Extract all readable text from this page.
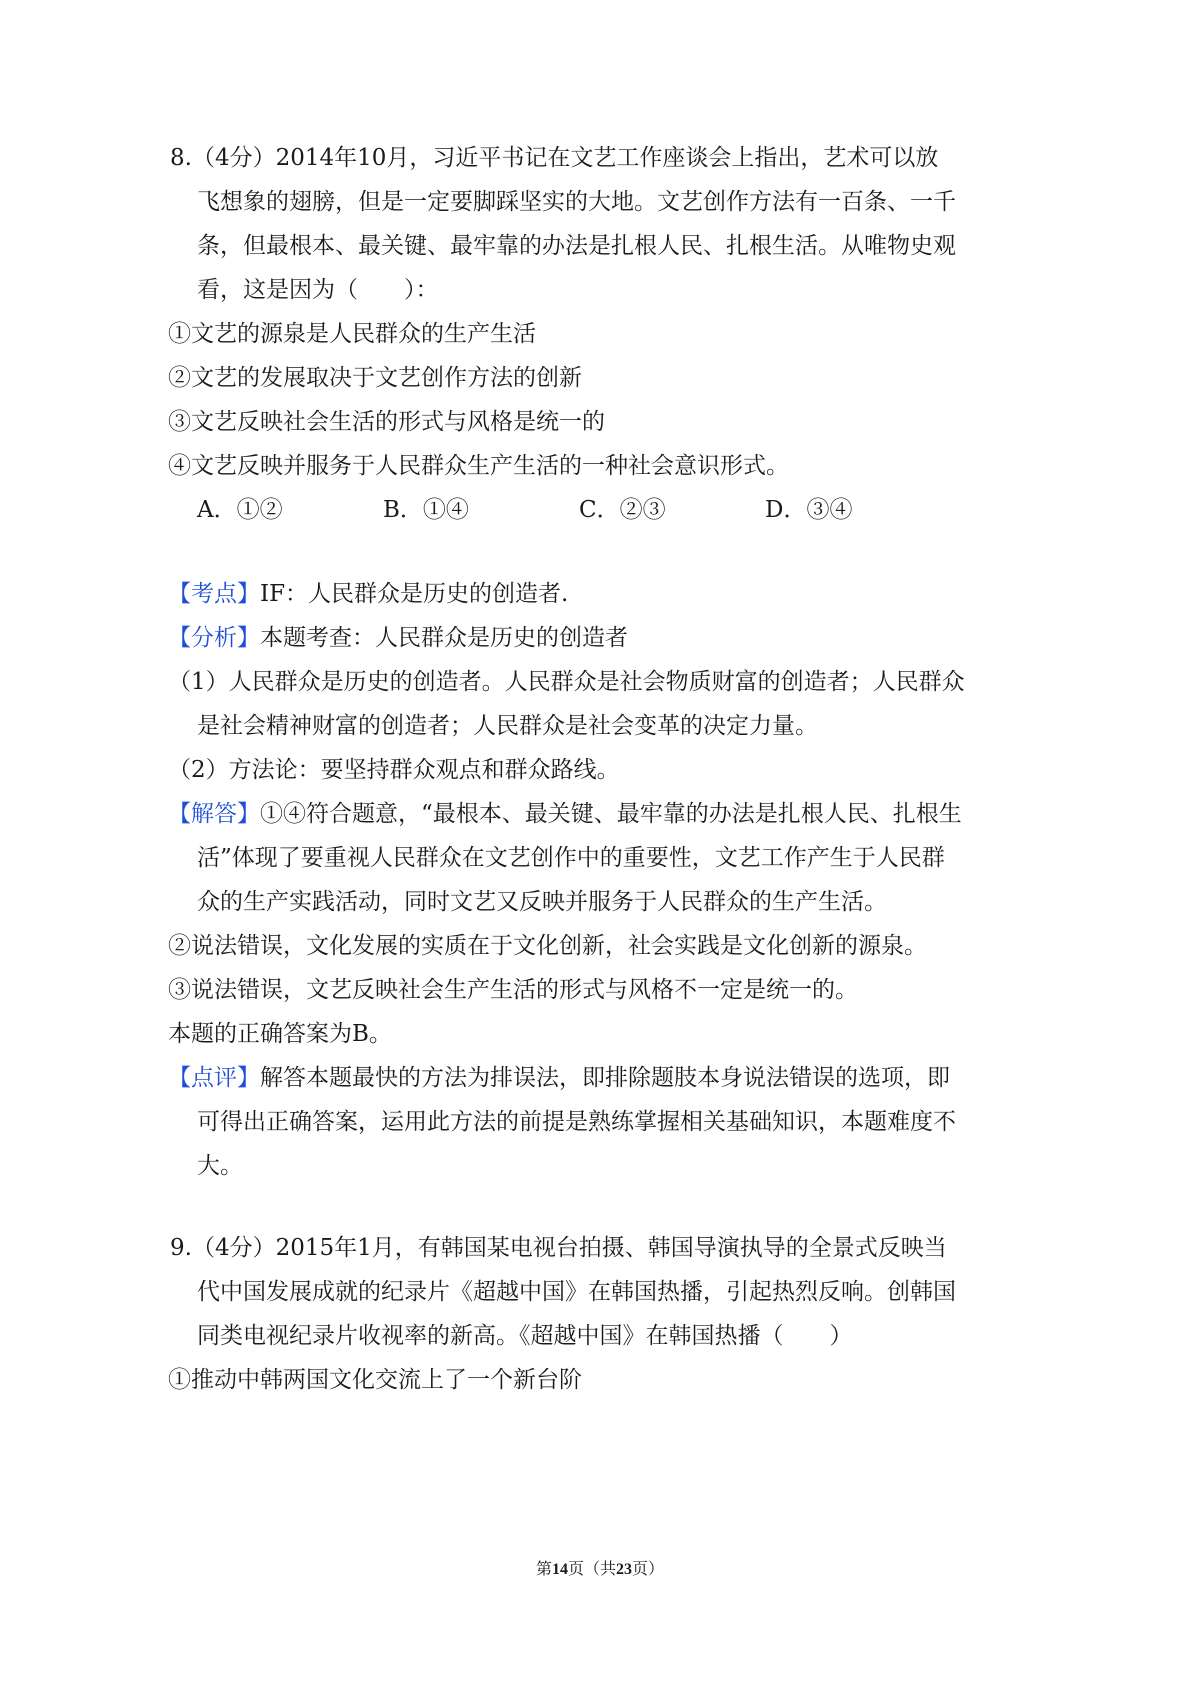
8.（4分）2014年10月，习近平书记在文艺工作座谈会上指出，艺术可以放
飞想象的翅膀，但是一定要脚踩坚实的大地。文艺创作方法有一百条、一千
条，但最根本、最关键、最牢靠的办法是扎根人民、扎根生活。从唯物史观
看，这是因为（　　）：
①文艺的源泉是人民群众的生产生活
②文艺的发展取决于文艺创作方法的创新
③文艺反映社会生活的形式与风格是统一的
④文艺反映并服务于人民群众生产生活的一种社会意识形式。
A．①②	B．①④	C．②③	D．③④
【考点】IF：人民群众是历史的创造者.
【分析】本题考查：人民群众是历史的创造者
（1）人民群众是历史的创造者。人民群众是社会物质财富的创造者；人民群众
是社会精神财富的创造者；人民群众是社会变革的决定力量。
（2）方法论：要坚持群众观点和群众路线。
【解答】①④符合题意，“最根本、最关键、最牢靠的办法是扎根人民、扎根生
活”体现了要重视人民群众在文艺创作中的重要性，文艺工作产生于人民群
众的生产实践活动，同时文艺又反映并服务于人民群众的生产生活。
②说法错误，文化发展的实质在于文化创新，社会实践是文化创新的源泉。
③说法错误，文艺反映社会生产生活的形式与风格不一定是统一的。
本题的正确答案为B。
【点评】解答本题最快的方法为排误法，即排除题肢本身说法错误的选项，即
可得出正确答案，运用此方法的前提是熟练掌握相关基础知识，本题难度不
大。
9.（4分）2015年1月，有韩国某电视台拍摄、韩国导演执导的全景式反映当
代中国发展成就的纪录片《超越中国》在韩国热播，引起热烈反响。创韩国
同类电视纪录片收视率的新高。《超越中国》在韩国热播（　　）
①推动中韩两国文化交流上了一个新台阶
第14页（共23页）
